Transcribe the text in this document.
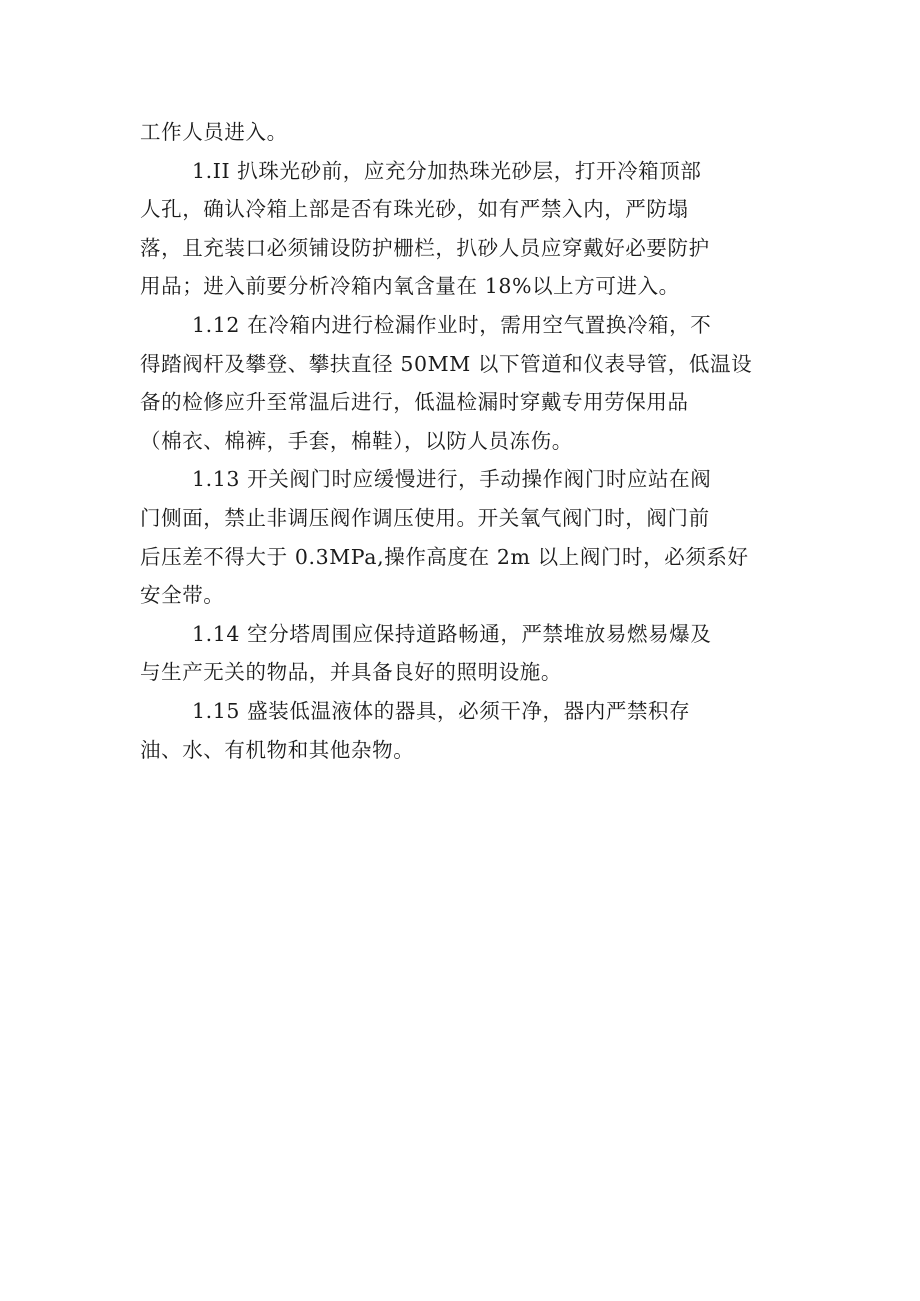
工作人员进入。
1.II 扒珠光砂前，应充分加热珠光砂层，打开冷箱顶部
人孔，确认冷箱上部是否有珠光砂，如有严禁入内，严防塌
落，且充装口必须铺设防护栅栏，扒砂人员应穿戴好必要防护
用品；进入前要分析冷箱内氧含量在 18%以上方可进入。
1.12 在冷箱内进行检漏作业时，需用空气置换冷箱，不
得踏阀杆及攀登、攀扶直径 50MM 以下管道和仪表导管，低温设
备的检修应升至常温后进行，低温检漏时穿戴专用劳保用品
（棉衣、棉裤，手套，棉鞋），以防人员冻伤。
1.13 开关阀门时应缓慢进行，手动操作阀门时应站在阀
门侧面，禁止非调压阀作调压使用。开关氧气阀门时，阀门前
后压差不得大于 0.3MPa,操作高度在 2m 以上阀门时，必须系好
安全带。
1.14 空分塔周围应保持道路畅通，严禁堆放易燃易爆及
与生产无关的物品，并具备良好的照明设施。
1.15 盛装低温液体的器具，必须干净，器内严禁积存
油、水、有机物和其他杂物。
